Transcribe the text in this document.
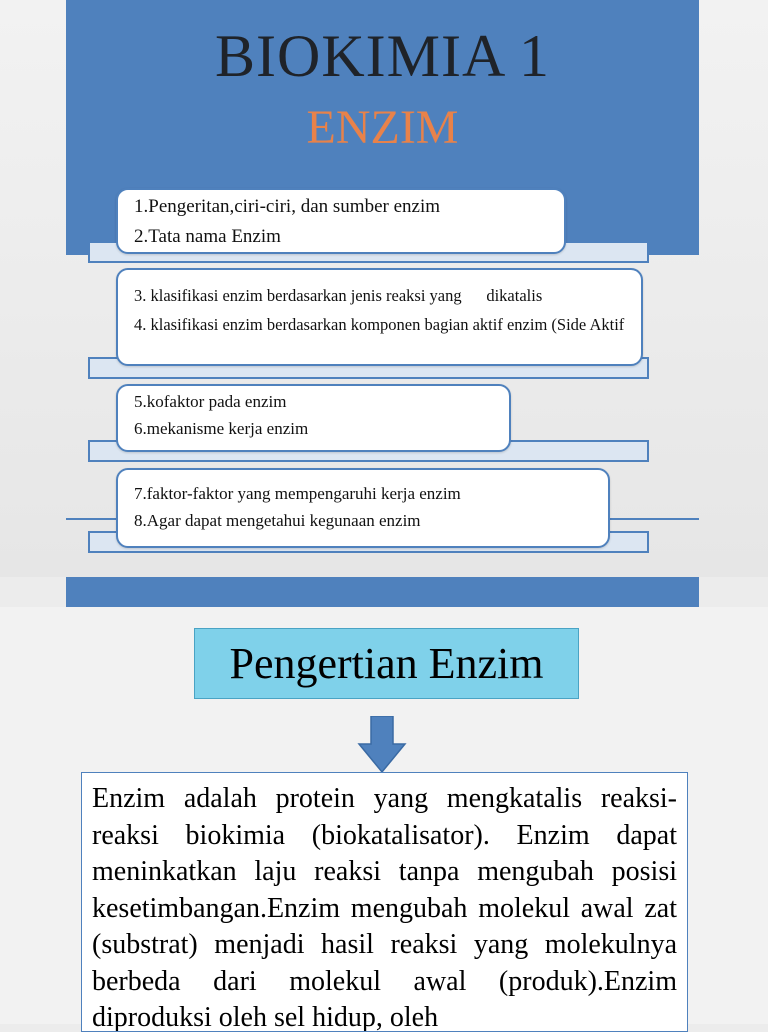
BIOKIMIA 1
ENZIM

1.Pengeritan,ciri-ciri, dan sumber enzim

2.Tata nama Enzim

3. klasifikasi enzim berdasarkan jenis reaksi yang      dikatalis

4. klasifikasi enzim berdasarkan komponen bagian aktif enzim (Side Aktif

5.kofaktor pada enzim

6.mekanisme kerja enzim

7.faktor-faktor yang mempengaruhi kerja enzim

8.Agar dapat mengetahui kegunaan enzim

Pengertian Enzim
Enzim adalah protein yang mengkatalis reaksi-reaksi biokimia (biokatalisator). Enzim dapat meninkatkan laju reaksi tanpa mengubah posisi kesetimbangan.Enzim mengubah molekul awal zat (substrat) menjadi hasil reaksi yang molekulnya berbeda dari molekul awal (produk).Enzim diproduksi oleh sel hidup, oleh
